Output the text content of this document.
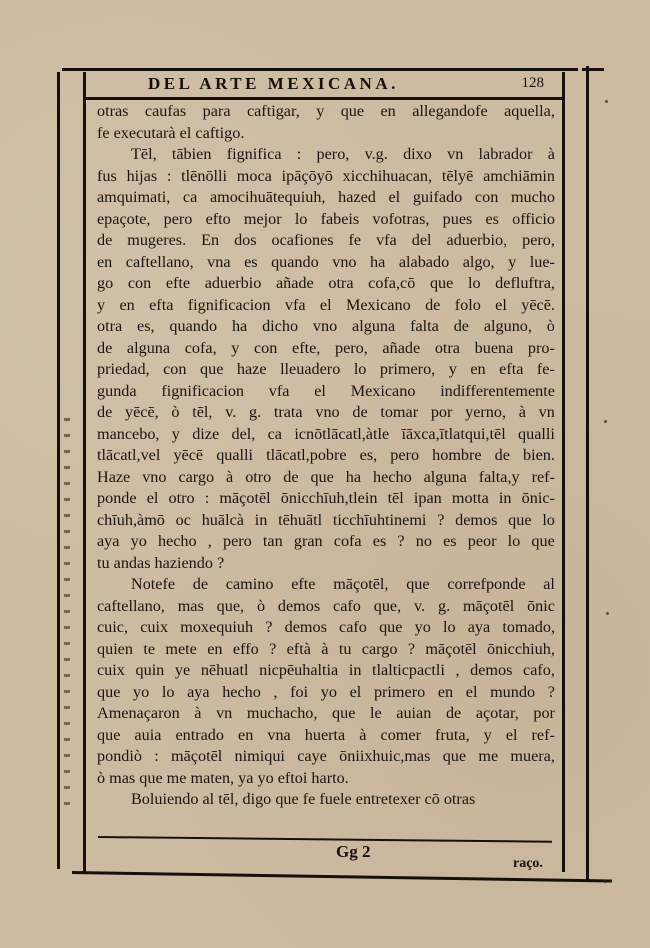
DEL ARTE MEXICANA.	128
otras caufas para caftigar, y que en allegandofe aquella,
fe executarà el caftigo.
Tēl, tābien fignifica : pero, v.g. dixo vn labrador à
fus hijas : tlēnōlli moca ipāçōyō xicchihuacan, tēlyē amchiāmin
amquimati, ca amocihuātequiuh, hazed el guifado con mucho
epaçote, pero efto mejor lo fabeis vofotras, pues es officio
de mugeres. En dos ocafiones fe vfa del aduerbio, pero,
en caftellano, vna es quando vno ha alabado algo, y lue-
go con efte aduerbio añade otra cofa,cō que lo defluftra,
y en efta fignificacion vfa el Mexicano de folo el yēcē.
otra es, quando ha dicho vno alguna falta de alguno, ò
de alguna cofa, y con efte, pero, añade otra buena pro-
priedad, con que haze lleuadero lo primero, y en efta fe-
gunda fignificacion vfa el Mexicano indifferentemente
de yēcē, ò tēl, v. g. trata vno de tomar por yerno, à vn
mancebo, y dize del, ca icnōtlācatl,àtle īāxca,ītlatqui,tēl qualli
tlācatl,vel yēcē qualli tlācatl,pobre es, pero hombre de bien.
Haze vno cargo à otro de que ha hecho alguna falta,y ref-
ponde el otro : māçotēl ōnicchīuh,tlein tēl ipan motta in ōnic-
chīuh,àmō oc huālcà in tēhuātl ticchīuhtinemi ? demos que lo
aya yo hecho , pero tan gran cofa es ? no es peor lo que
tu andas haziendo ?
Notefe de camino efte māçotēl, que correfponde al
caftellano, mas que, ò demos cafo que, v. g. māçotēl ōnic
cuic, cuix moxequiuh ? demos cafo que yo lo aya tomado,
quien te mete en effo ? eftà à tu cargo ? māçotēl ōnicchiuh,
cuix quin ye nēhuatl nicpēuhaltia in tlalticpactli , demos cafo,
que yo lo aya hecho , foi yo el primero en el mundo ?
Amenaçaron à vn muchacho, que le auian de açotar, por
que auia entrado en vna huerta à comer fruta, y el ref-
pondiò : māçotēl nimiqui caye ōniixhuic,mas que me muera,
ò mas que me maten, ya yo eftoi harto.
Boluiendo al tēl, digo que fe fuele entretexer cō otras
Gg 2
raço.
